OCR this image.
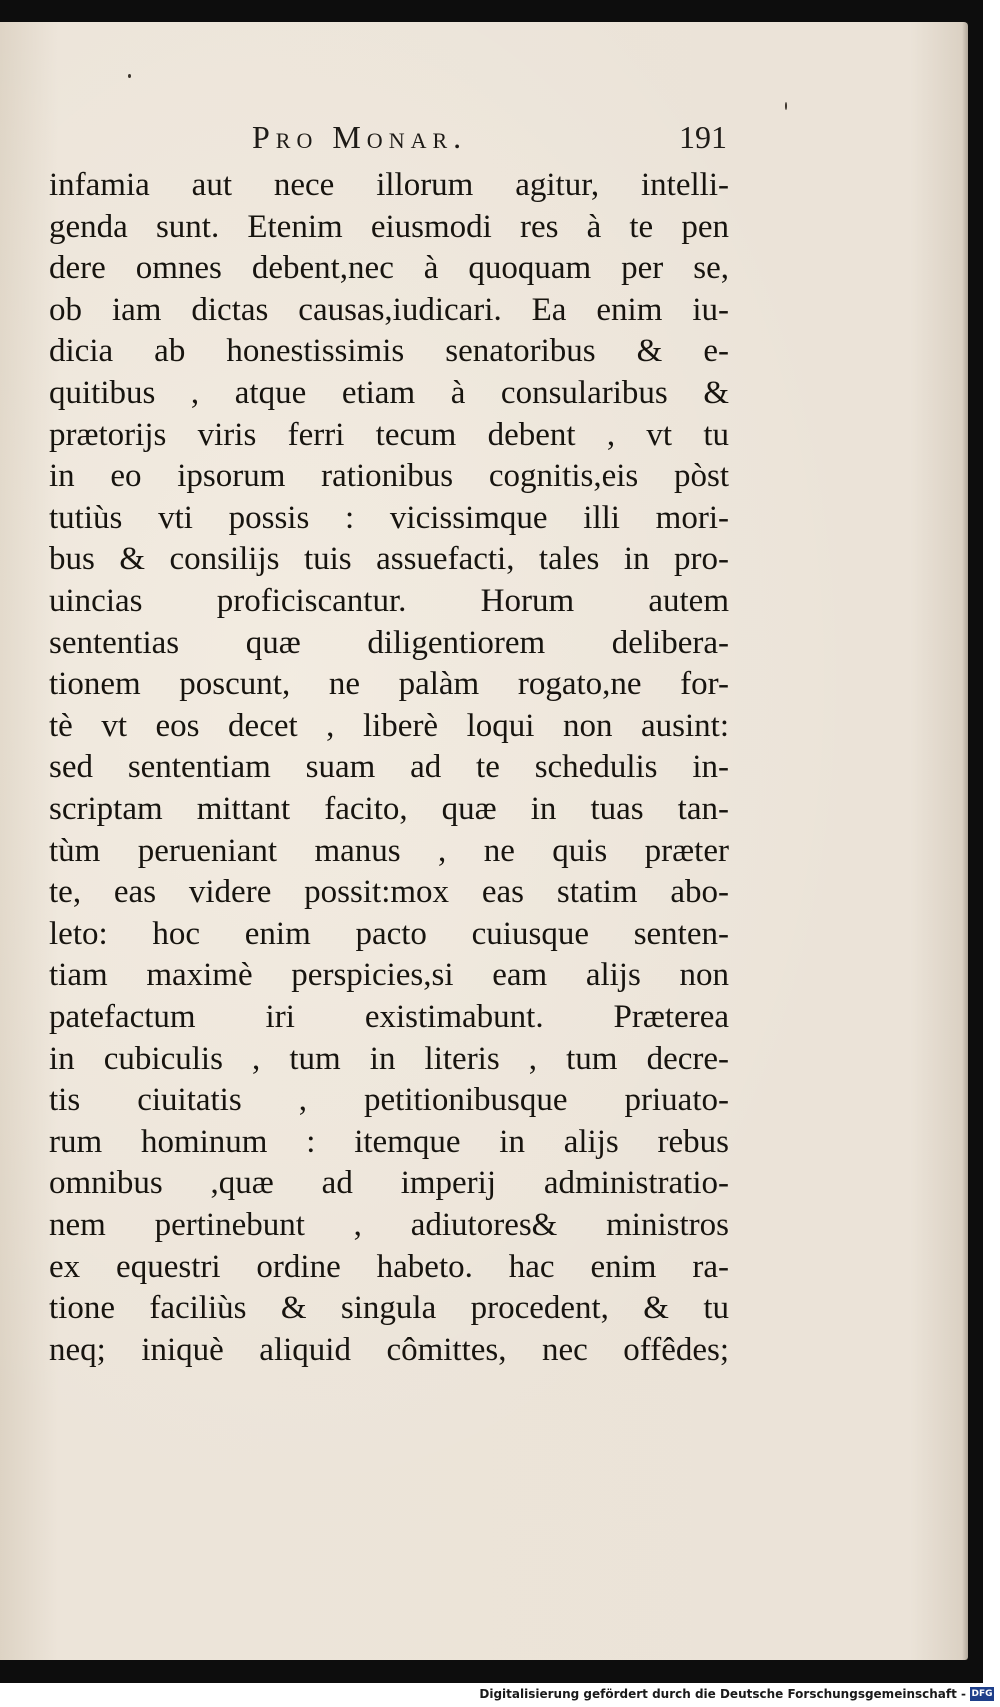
Pro Monar.	191
infamia aut nece illorum agitur, intelli-
genda sunt. Etenim eiusmodi res à te pen
dere omnes debent,nec à quoquam per se,
ob iam dictas causas,iudicari. Ea enim iu-
dicia ab honestissimis senatoribus & e-
quitibus , atque etiam à consularibus &
prætorijs viris ferri tecum debent , vt tu
in eo ipsorum rationibus cognitis,eis pòst
tutiùs vti possis : vicissimque illi mori-
bus & consilijs tuis assuefacti, tales in pro-
uincias proficiscantur. Horum autem
sententias quæ diligentiorem delibera-
tionem poscunt, ne palàm rogato,ne for-
tè vt eos decet , liberè loqui non ausint:
sed sententiam suam ad te schedulis in-
scriptam mittant facito, quæ in tuas tan-
tùm perueniant manus , ne quis præter
te, eas videre possit:mox eas statim abo-
leto: hoc enim pacto cuiusque senten-
tiam maximè perspicies,si eam alijs non
patefactum iri existimabunt. Præterea
in cubiculis , tum in literis , tum decre-
tis ciuitatis , petitionibusque priuato-
rum hominum : itemque in alijs rebus
omnibus ,quæ ad imperij administratio-
nem pertinebunt , adiutores& ministros
ex equestri ordine habeto. hac enim ra-
tione faciliùs & singula procedent, & tu
neq; iniquè aliquid cômittes, nec offêdes;
Digitalisierung gefördert durch die Deutsche Forschungsgemeinschaft - DFG
